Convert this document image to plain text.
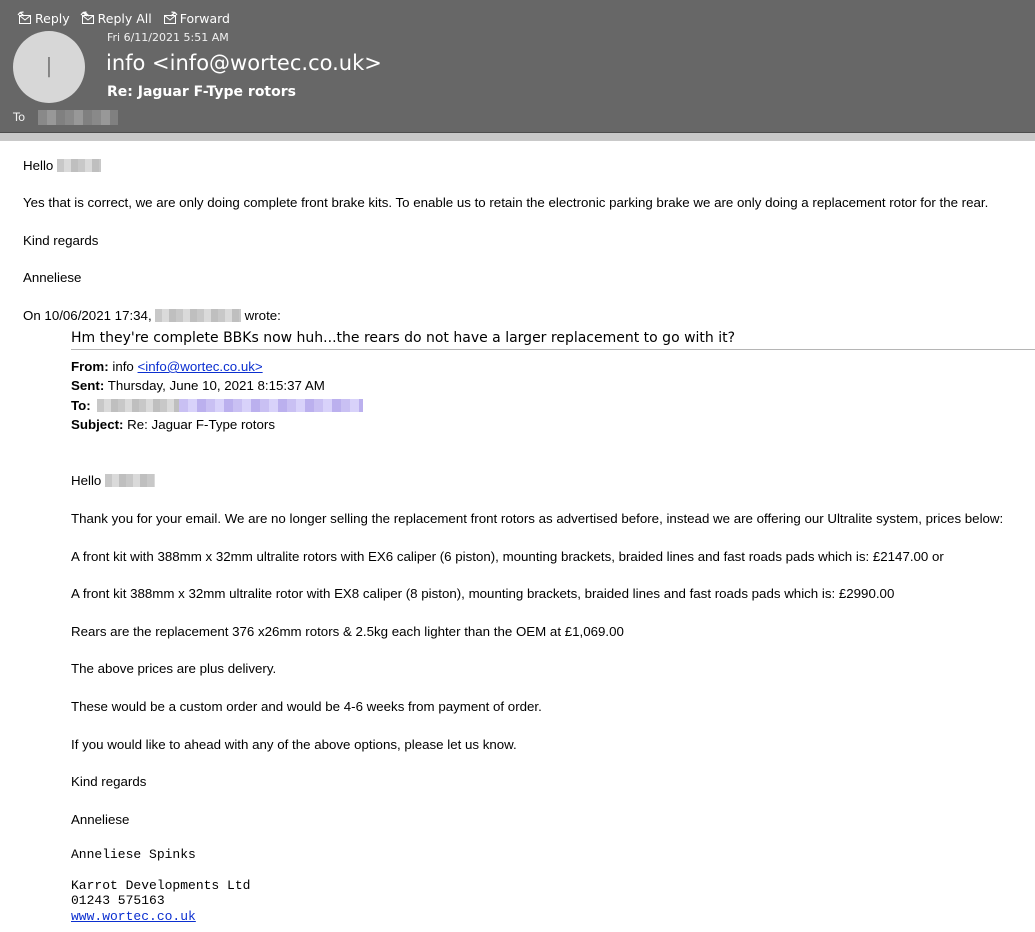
Reply Reply All Forward
I
Fri 6/11/2021 5:51 AM
info <info@wortec.co.uk>
Re: Jaguar F-Type rotors
To
Hello
Yes that is correct, we are only doing complete front brake kits. To enable us to retain the electronic parking brake we are only doing a replacement rotor for the rear.
Kind regards
Anneliese
On 10/06/2021 17:34,	wrote:
Hm they're complete BBKs now huh...the rears do not have a larger replacement to go with it?
From: info <info@wortec.co.uk>
Sent: Thursday, June 10, 2021 8:15:37 AM
To:
Subject: Re: Jaguar F-Type rotors
Hello
Thank you for your email. We are no longer selling the replacement front rotors as advertised before, instead we are offering our Ultralite system, prices below:
A front kit with 388mm x 32mm ultralite rotors with EX6 caliper (6 piston), mounting brackets, braided lines and fast roads pads which is: £2147.00 or
A front kit 388mm x 32mm ultralite rotor with EX8 caliper (8 piston), mounting brackets, braided lines and fast roads pads which is: £2990.00
Rears are the replacement 376 x26mm rotors & 2.5kg each lighter than the OEM at £1,069.00
The above prices are plus delivery.
These would be a custom order and would be 4-6 weeks from payment of order.
If you would like to ahead with any of the above options, please let us know.
Kind regards
Anneliese
Anneliese Spinks
Karrot Developments Ltd
01243 575163
www.wortec.co.uk
